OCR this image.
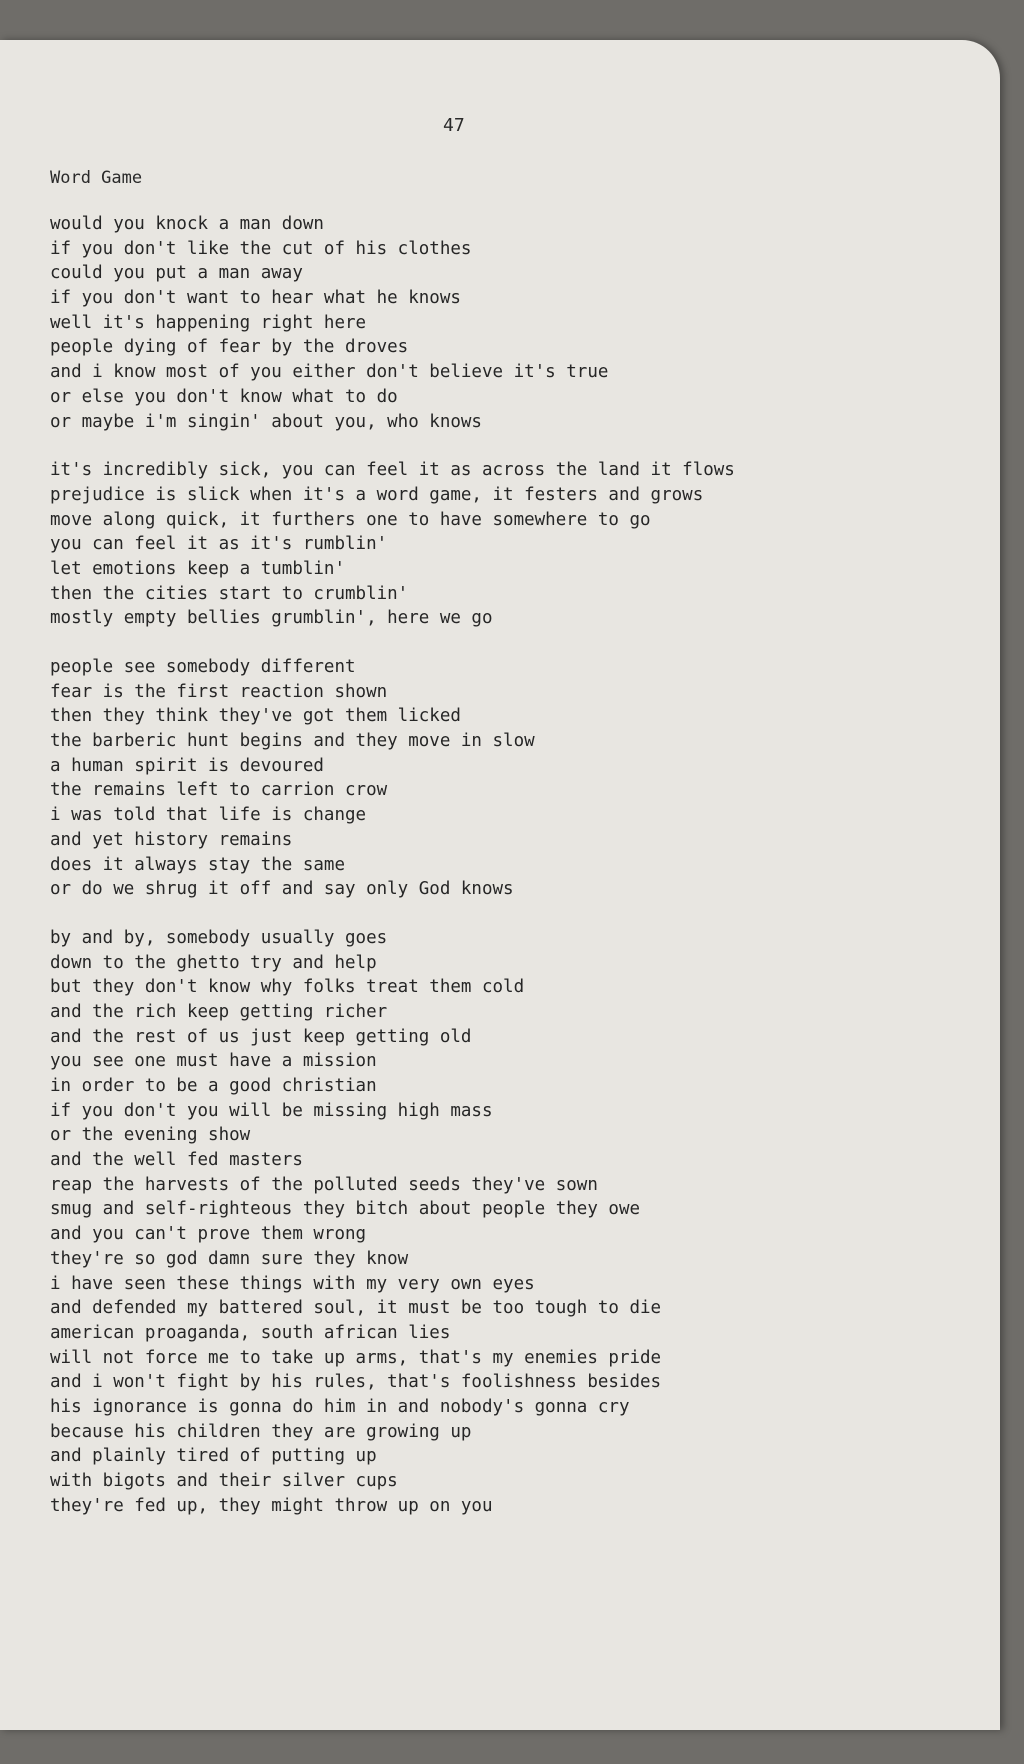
47
Word Game
would you knock a man down
if you don't like the cut of his clothes
could you put a man away
if you don't want to hear what he knows
well it's happening right here
people dying of fear by the droves
and i know most of you either don't believe it's true
or else you don't know what to do
or maybe i'm singin' about you, who knows
it's incredibly sick, you can feel it as across the land it flows
prejudice is slick when it's a word game, it festers and grows
move along quick, it furthers one to have somewhere to go
you can feel it as it's rumblin'
let emotions keep a tumblin'
then the cities start to crumblin'
mostly empty bellies grumblin', here we go
people see somebody different
fear is the first reaction shown
then they think they've got them licked
the barberic hunt begins and they move in slow
a human spirit is devoured
the remains left to carrion crow
i was told that life is change
and yet history remains
does it always stay the same
or do we shrug it off and say only God knows
by and by, somebody usually goes
down to the ghetto try and help
but they don't know why folks treat them cold
and the rich keep getting richer
and the rest of us just keep getting old
you see one must have a mission
in order to be a good christian
if you don't you will be missing high mass
or the evening show
and the well fed masters
reap the harvests of the polluted seeds they've sown
smug and self-righteous they bitch about people they owe
and you can't prove them wrong
they're so god damn sure they know
i have seen these things with my very own eyes
and defended my battered soul, it must be too tough to die
american proaganda, south african lies
will not force me to take up arms, that's my enemies pride
and i won't fight by his rules, that's foolishness besides
his ignorance is gonna do him in and nobody's gonna cry
because his children they are growing up
and plainly tired of putting up
with bigots and their silver cups
they're fed up, they might throw up on you
